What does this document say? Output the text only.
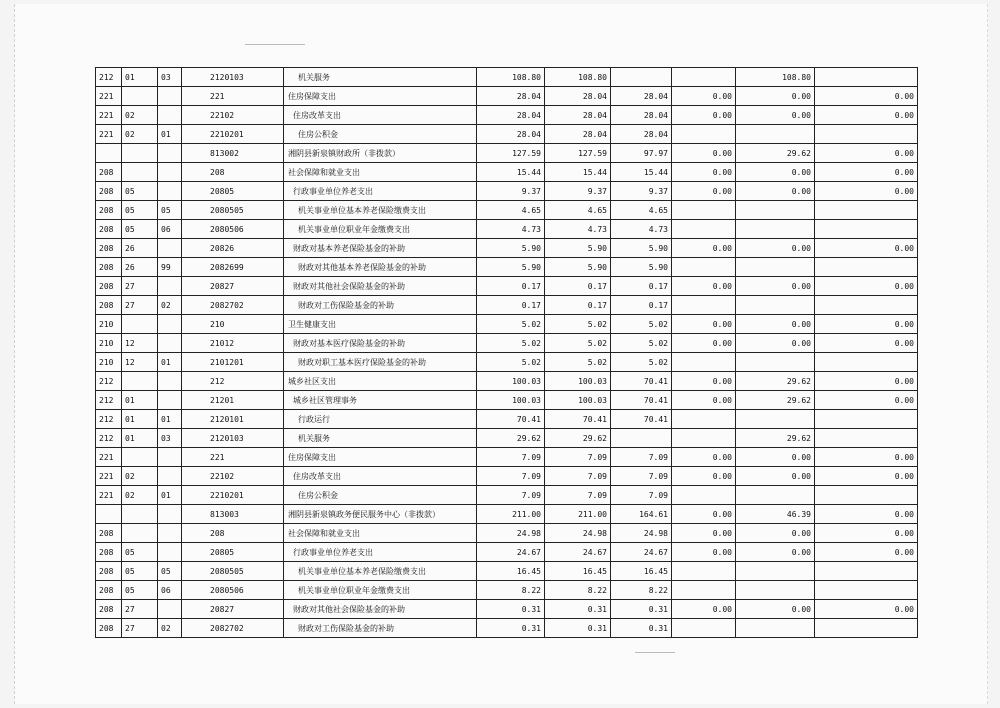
212	01	03	2120103	机关服务	108.80	108.80			108.80	
221			221	住房保障支出	28.04	28.04	28.04	0.00	0.00	0.00
221	02		22102	住房改革支出	28.04	28.04	28.04	0.00	0.00	0.00
221	02	01	2210201	住房公积金	28.04	28.04	28.04			
			813002	湘阴县新泉镇财政所（非拨款）	127.59	127.59	97.97	0.00	29.62	0.00
208			208	社会保障和就业支出	15.44	15.44	15.44	0.00	0.00	0.00
208	05		20805	行政事业单位养老支出	9.37	9.37	9.37	0.00	0.00	0.00
208	05	05	2080505	机关事业单位基本养老保险缴费支出	4.65	4.65	4.65			
208	05	06	2080506	机关事业单位职业年金缴费支出	4.73	4.73	4.73			
208	26		20826	财政对基本养老保险基金的补助	5.90	5.90	5.90	0.00	0.00	0.00
208	26	99	2082699	财政对其他基本养老保险基金的补助	5.90	5.90	5.90			
208	27		20827	财政对其他社会保险基金的补助	0.17	0.17	0.17	0.00	0.00	0.00
208	27	02	2082702	财政对工伤保险基金的补助	0.17	0.17	0.17			
210			210	卫生健康支出	5.02	5.02	5.02	0.00	0.00	0.00
210	12		21012	财政对基本医疗保险基金的补助	5.02	5.02	5.02	0.00	0.00	0.00
210	12	01	2101201	财政对职工基本医疗保险基金的补助	5.02	5.02	5.02			
212			212	城乡社区支出	100.03	100.03	70.41	0.00	29.62	0.00
212	01		21201	城乡社区管理事务	100.03	100.03	70.41	0.00	29.62	0.00
212	01	01	2120101	行政运行	70.41	70.41	70.41			
212	01	03	2120103	机关服务	29.62	29.62			29.62	
221			221	住房保障支出	7.09	7.09	7.09	0.00	0.00	0.00
221	02		22102	住房改革支出	7.09	7.09	7.09	0.00	0.00	0.00
221	02	01	2210201	住房公积金	7.09	7.09	7.09			
			813003	湘阴县新泉镇政务便民服务中心（非拨款）	211.00	211.00	164.61	0.00	46.39	0.00
208			208	社会保障和就业支出	24.98	24.98	24.98	0.00	0.00	0.00
208	05		20805	行政事业单位养老支出	24.67	24.67	24.67	0.00	0.00	0.00
208	05	05	2080505	机关事业单位基本养老保险缴费支出	16.45	16.45	16.45			
208	05	06	2080506	机关事业单位职业年金缴费支出	8.22	8.22	8.22			
208	27		20827	财政对其他社会保险基金的补助	0.31	0.31	0.31	0.00	0.00	0.00
208	27	02	2082702	财政对工伤保险基金的补助	0.31	0.31	0.31			
